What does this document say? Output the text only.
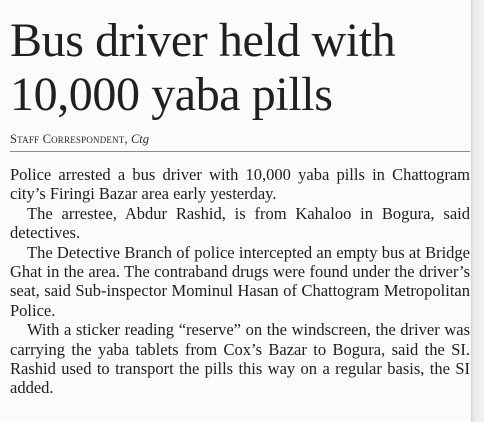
Bus driver held with
10,000 yaba pills
Staff Correspondent, Ctg

Police arrested a bus driver with 10,000 yaba pills in Chattogram city’s Firingi Bazar area early yesterday.

The arrestee, Abdur Rashid, is from Kahaloo in Bogura, said detectives.

The Detective Branch of police intercepted an empty bus at Bridge Ghat in the area. The contraband drugs were found under the driver’s seat, said Sub-inspector Mominul Hasan of Chattogram Metropolitan Police.

With a sticker reading “reserve” on the windscreen, the driver was carrying the yaba tablets from Cox’s Bazar to Bogura, said the SI. Rashid used to transport the pills this way on a regular basis, the SI added.
